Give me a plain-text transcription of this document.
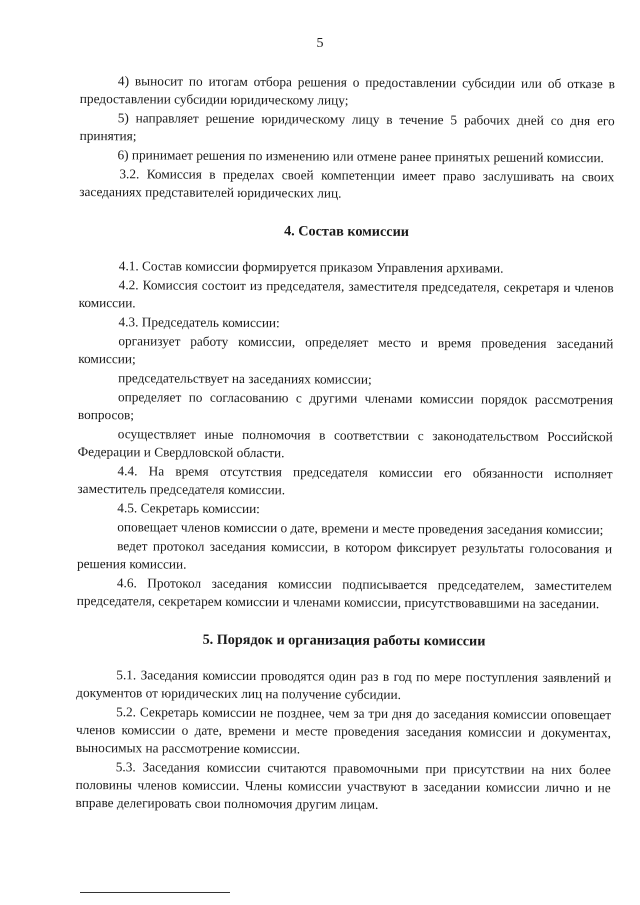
5

4) выносит по итогам отбора решения о предоставлении субсидии или об отказе в предоставлении субсидии юридическому лицу;

5) направляет решение юридическому лицу в течение 5 рабочих дней со дня его принятия;

6) принимает решения по изменению или отмене ранее принятых решений комиссии.

3.2. Комиссия в пределах своей компетенции имеет право заслушивать на своих заседаниях представителей юридических лиц.

4. Состав комиссии

4.1. Состав комиссии формируется приказом Управления архивами.

4.2. Комиссия состоит из председателя, заместителя председателя, секретаря и членов комиссии.

4.3. Председатель комиссии:

организует работу комиссии, определяет место и время проведения заседаний комиссии;

председательствует на заседаниях комиссии;

определяет по согласованию с другими членами комиссии порядок рассмотрения вопросов;

осуществляет иные полномочия в соответствии с законодательством Российской Федерации и Свердловской области.

4.4. На время отсутствия председателя комиссии его обязанности исполняет заместитель председателя комиссии.

4.5. Секретарь комиссии:

оповещает членов комиссии о дате, времени и месте проведения заседания комиссии;

ведет протокол заседания комиссии, в котором фиксирует результаты голосования и решения комиссии.

4.6. Протокол заседания комиссии подписывается председателем, заместителем председателя, секретарем комиссии и членами комиссии, присутствовавшими на заседании.

5. Порядок и организация работы комиссии

5.1. Заседания комиссии проводятся один раз в год по мере поступления заявлений и документов от юридических лиц на получение субсидии.

5.2. Секретарь комиссии не позднее, чем за три дня до заседания комиссии оповещает членов комиссии о дате, времени и месте проведения заседания комиссии и документах, выносимых на рассмотрение комиссии.

5.3. Заседания комиссии считаются правомочными при присутствии на них более половины членов комиссии. Члены комиссии участвуют в заседании комиссии лично и не вправе делегировать свои полномочия другим лицам.
